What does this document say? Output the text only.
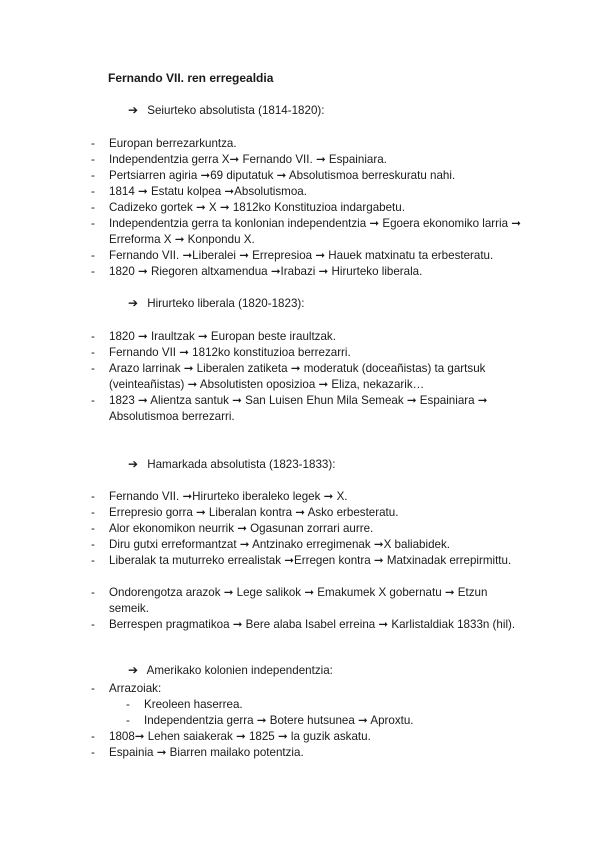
Fernando VII. ren erregealdia
➔ Seiurteko absolutista (1814-1820):
- Europan berrezarkuntza.
- Independentzia gerra X➞ Fernando VII. ➞ Espainiara.
- Pertsiarren agiria ➞69 diputatuk ➞ Absolutismoa berreskuratu nahi.
- 1814 ➞ Estatu kolpea ➞Absolutismoa.
- Cadizeko gortek ➞ X ➞ 1812ko Konstituzioa indargabetu.
- Independentzia gerra ta konlonian independentzia ➞ Egoera ekonomiko larria ➞ Erreforma X ➞ Konpondu X.
- Fernando VII. ➞Liberalei ➞ Errepresioa ➞ Hauek matxinatu ta erbesteratu.
- 1820 ➞ Riegoren altxamendua ➞Irabazi ➞ Hirurteko liberala.
➔ Hirurteko liberala (1820-1823):
- 1820 ➞ Iraultzak ➞ Europan beste iraultzak.
- Fernando VII ➞ 1812ko konstituzioa berrezarri.
- Arazo larrinak ➞ Liberalen zatiketa ➞ moderatuk (doceañistas) ta gartsuk (veinteañistas) ➞ Absolutisten oposizioa ➞ Eliza, nekazarik…
- 1823 ➞ Alientza santuk ➞ San Luisen Ehun Mila Semeak ➞ Espainiara ➞ Absolutismoa berrezarri.
➔ Hamarkada absolutista (1823-1833):
- Fernando VII. ➞Hirurteko iberaleko legek ➞ X.
- Errepresio gorra ➞ Liberalan kontra ➞ Asko erbesteratu.
- Alor ekonomikon neurrik ➞ Ogasunan zorrari aurre.
- Diru gutxi erreformantzat ➞ Antzinako erregimenak ➞X baliabidek.
- Liberalak ta muturreko errealistak ➞Erregen kontra ➞ Matxinadak errepirmittu.
- Ondorengotza arazok ➞ Lege salikok ➞ Emakumek X gobernatu ➞ Etzun semeik.
- Berrespen pragmatikoa ➞ Bere alaba Isabel erreina ➞ Karlistaldiak 1833n (hil).
➔ Amerikako kolonien independentzia:
- Arrazoiak:
- Kreoleen haserrea.
- Independentzia gerra ➞ Botere hutsunea ➞ Aproxtu.
- 1808➞ Lehen saiakerak ➞ 1825 ➞ la guzik askatu.
- Espainia ➞ Biarren mailako potentzia.
